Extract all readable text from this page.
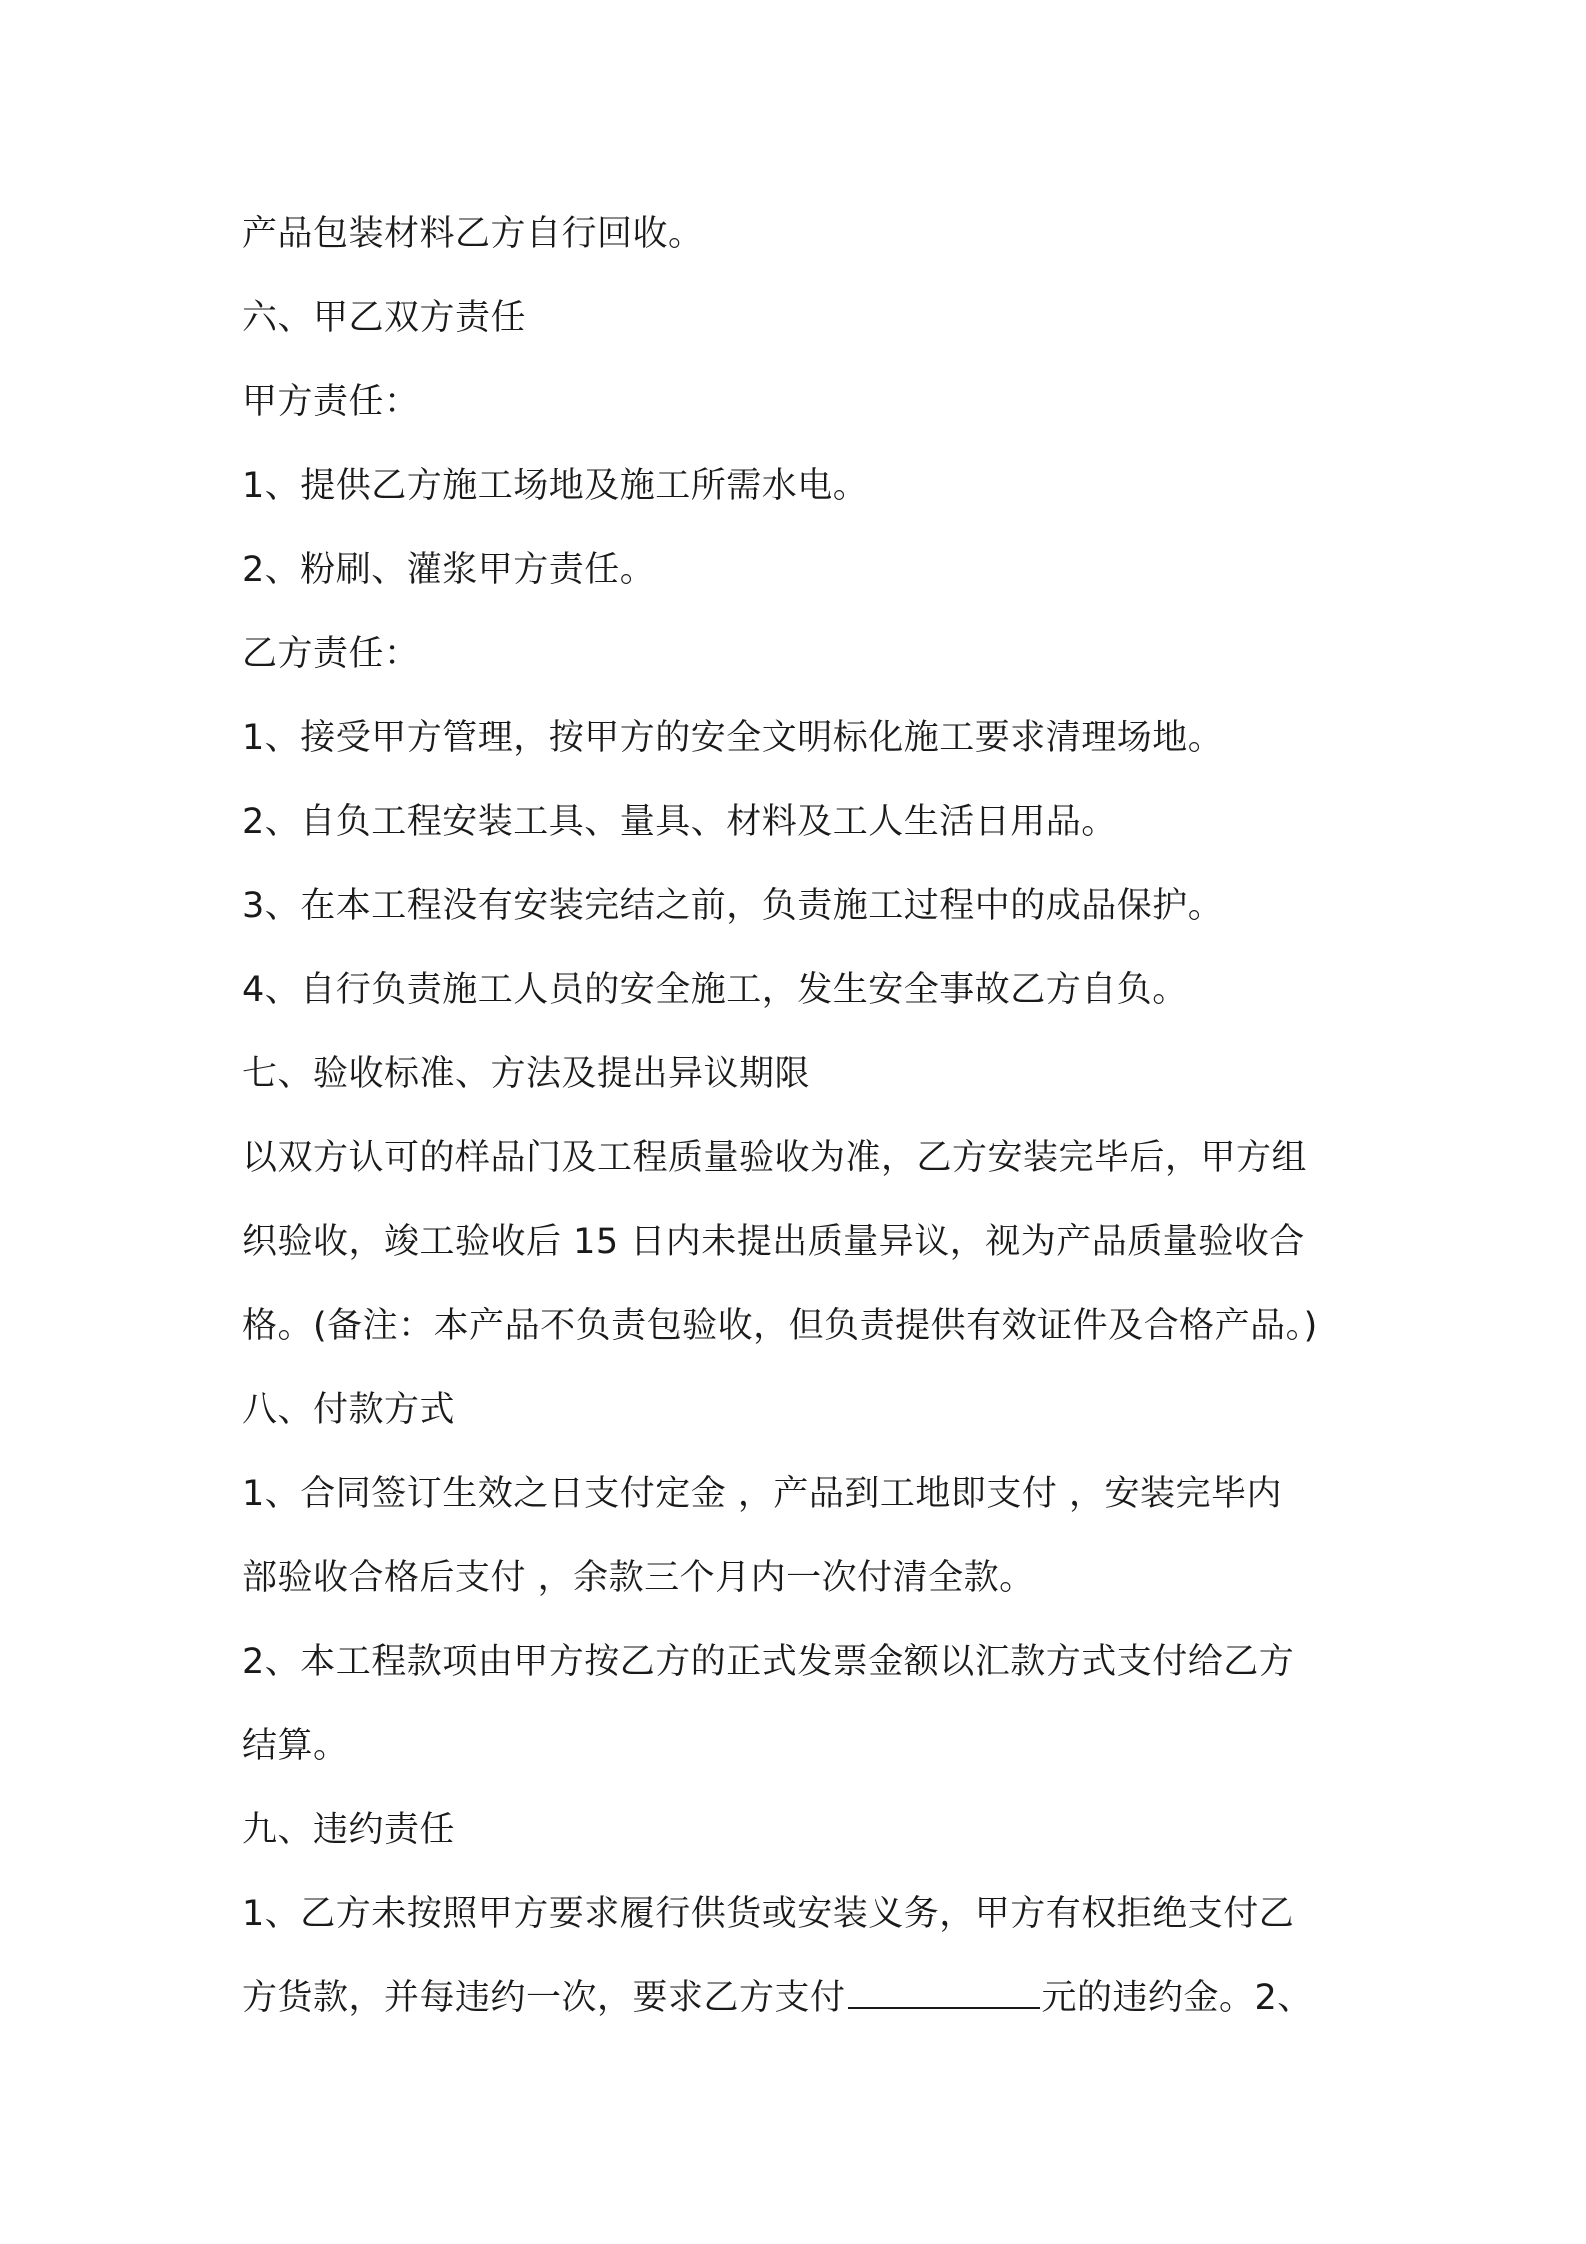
产品包装材料乙方自行回收。
六、甲乙双方责任
甲方责任：
1、提供乙方施工场地及施工所需水电。
2、粉刷、灌浆甲方责任。
乙方责任：
1、接受甲方管理，按甲方的安全文明标化施工要求清理场地。
2、自负工程安装工具、量具、材料及工人生活日用品。
3、在本工程没有安装完结之前，负责施工过程中的成品保护。
4、自行负责施工人员的安全施工，发生安全事故乙方自负。
七、验收标准、方法及提出异议期限
以双方认可的样品门及工程质量验收为准，乙方安装完毕后，甲方组
织验收，竣工验收后 15 日内未提出质量异议，视为产品质量验收合
格。(备注：本产品不负责包验收，但负责提供有效证件及合格产品。)
八、付款方式
1、合同签订生效之日支付定金 ，产品到工地即支付 ，安装完毕内
部验收合格后支付 ，余款三个月内一次付清全款。
2、本工程款项由甲方按乙方的正式发票金额以汇款方式支付给乙方
结算。
九、违约责任
1、乙方未按照甲方要求履行供货或安装义务，甲方有权拒绝支付乙
方货款，并每违约一次，要求乙方支付	元的违约金。2、
